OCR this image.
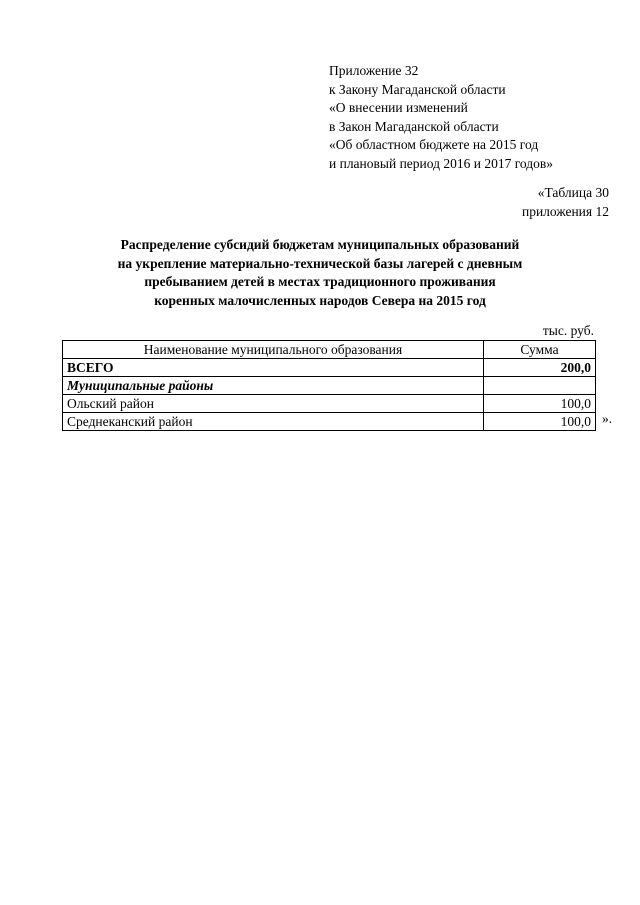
Приложение 32
к Закону Магаданской области
«О внесении изменений
в Закон Магаданской области
«Об областном бюджете на 2015 год
и плановый период 2016 и 2017 годов»
«Таблица 30
приложения 12
Распределение субсидий бюджетам муниципальных образований
на укрепление материально-технической базы лагерей с дневным
пребыванием детей в местах традиционного проживания
коренных малочисленных народов Севера на 2015 год
тыс. руб.
Наименование муниципального образования	Сумма
ВСЕГО	200,0
Муниципальные районы	
Ольский район	100,0
Среднеканский район	100,0 ».
